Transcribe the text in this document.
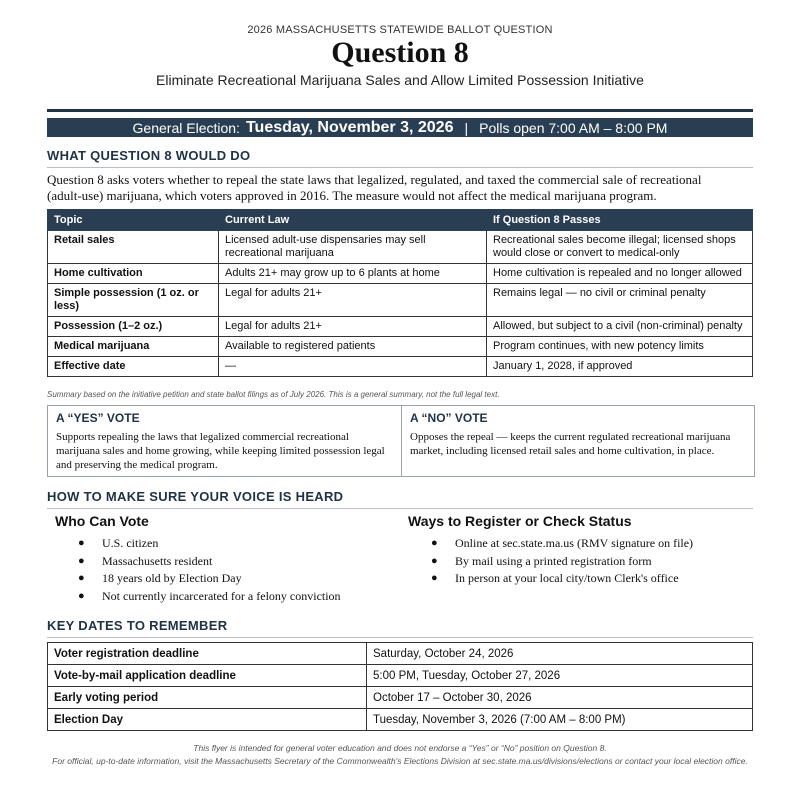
2026 MASSACHUSETTS STATEWIDE BALLOT QUESTION
Question 8
Eliminate Recreational Marijuana Sales and Allow Limited Possession Initiative
General Election: Tuesday, November 3, 2026 | Polls open 7:00 AM – 8:00 PM
WHAT QUESTION 8 WOULD DO
Question 8 asks voters whether to repeal the state laws that legalized, regulated, and taxed the commercial sale of recreational (adult-use) marijuana, which voters approved in 2016. The measure would not affect the medical marijuana program.
Topic	Current Law	If Question 8 Passes
Retail sales	Licensed adult-use dispensaries may sell recreational marijuana	Recreational sales become illegal; licensed shops would close or convert to medical-only
Home cultivation	Adults 21+ may grow up to 6 plants at home	Home cultivation is repealed and no longer allowed
Simple possession (1 oz. or less)	Legal for adults 21+	Remains legal — no civil or criminal penalty
Possession (1–2 oz.)	Legal for adults 21+	Allowed, but subject to a civil (non-criminal) penalty
Medical marijuana	Available to registered patients	Program continues, with new potency limits
Effective date	—	January 1, 2028, if approved
Summary based on the initiative petition and state ballot filings as of July 2026. This is a general summary, not the full legal text.
A “YES” VOTE
Supports repealing the laws that legalized commercial recreational marijuana sales and home growing, while keeping limited possession legal and preserving the medical program.
A “NO” VOTE
Opposes the repeal — keeps the current regulated recreational marijuana market, including licensed retail sales and home cultivation, in place.
HOW TO MAKE SURE YOUR VOICE IS HEARD
Who Can Vote
● U.S. citizen
● Massachusetts resident
● 18 years old by Election Day
● Not currently incarcerated for a felony conviction
Ways to Register or Check Status
● Online at sec.state.ma.us (RMV signature on file)
● By mail using a printed registration form
● In person at your local city/town Clerk's office
KEY DATES TO REMEMBER
Voter registration deadline	Saturday, October 24, 2026
Vote-by-mail application deadline	5:00 PM, Tuesday, October 27, 2026
Early voting period	October 17 – October 30, 2026
Election Day	Tuesday, November 3, 2026 (7:00 AM – 8:00 PM)
This flyer is intended for general voter education and does not endorse a “Yes” or “No” position on Question 8.
For official, up-to-date information, visit the Massachusetts Secretary of the Commonwealth's Elections Division at sec.state.ma.us/divisions/elections or contact your local election office.
